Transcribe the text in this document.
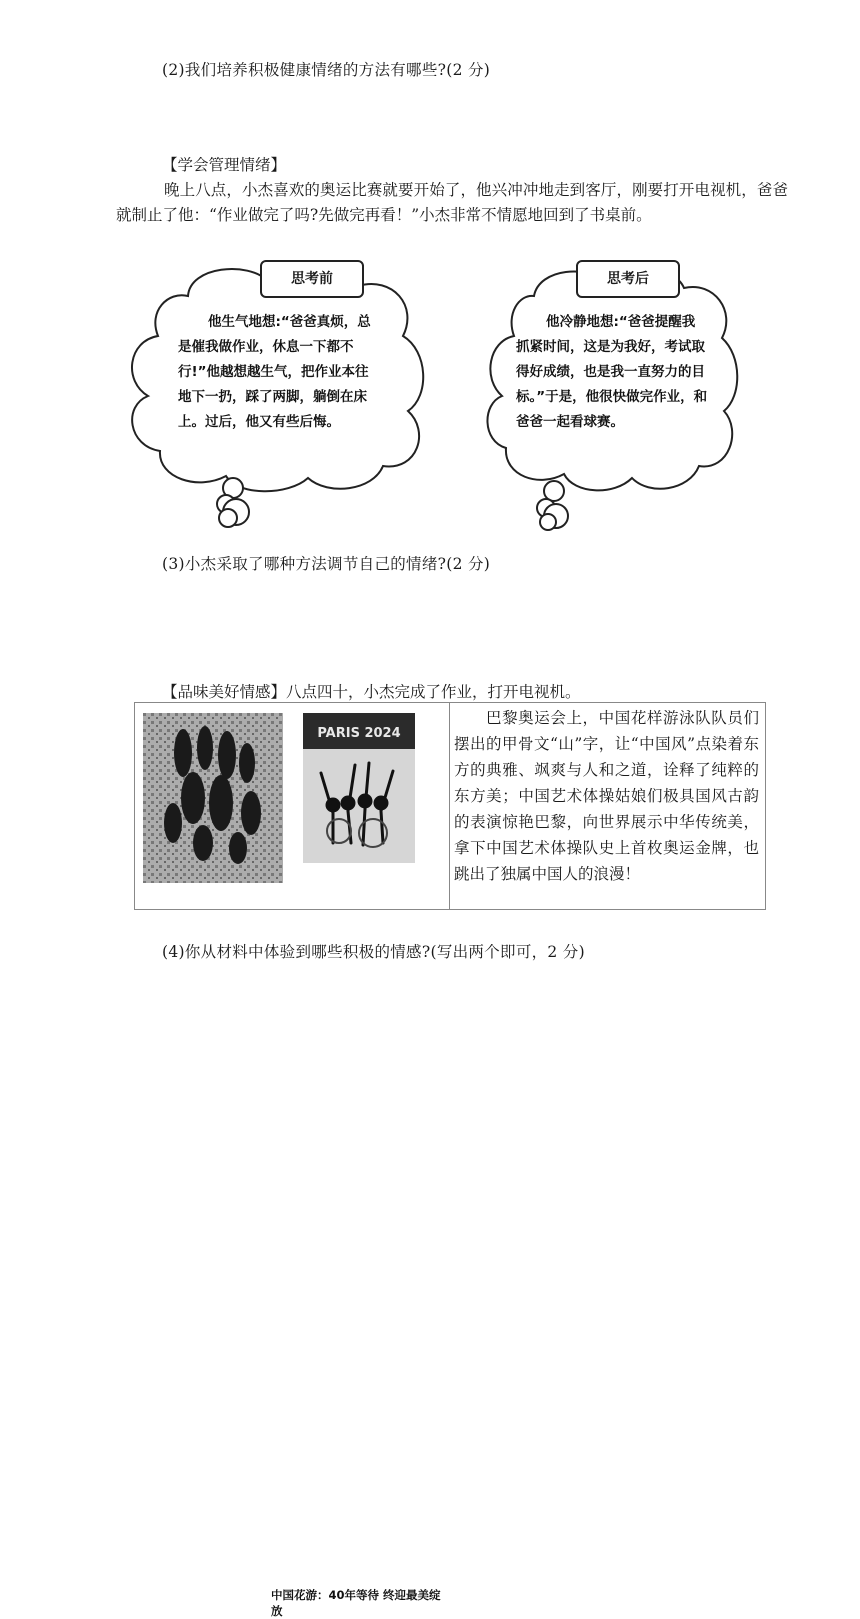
(2)我们培养积极健康情绪的方法有哪些?(2 分)
【学会管理情绪】
晚上八点，小杰喜欢的奥运比赛就要开始了，他兴冲冲地走到客厅，刚要打开电视机，爸爸就制止了他：“作业做完了吗?先做完再看！”小杰非常不情愿地回到了书桌前。
思考前
他生气地想:“爸爸真烦，总是催我做作业，休息一下都不行!”他越想越生气，把作业本往地下一扔，踩了两脚，躺倒在床上。过后，他又有些后悔。
思考后
他冷静地想:“爸爸提醒我抓紧时间，这是为我好，考试取得好成绩，也是我一直努力的目标。”于是，他很快做完作业，和爸爸一起看球赛。
(3)小杰采取了哪种方法调节自己的情绪?(2 分)
【品味美好情感】八点四十，小杰完成了作业，打开电视机。
PARIS 2024
中国花游：40年等待 终迎最美绽放

巴黎奥运会上，中国花样游泳队队员们摆出的甲骨文“山”字，让“中国风”点染着东方的典雅、飒爽与人和之道，诠释了纯粹的东方美；中国艺术体操姑娘们极具国风古韵的表演惊艳巴黎，向世界展示中华传统美，拿下中国艺术体操队史上首枚奥运金牌，也跳出了独属中国人的浪漫！
(4)你从材料中体验到哪些积极的情感?(写出两个即可，2 分)
